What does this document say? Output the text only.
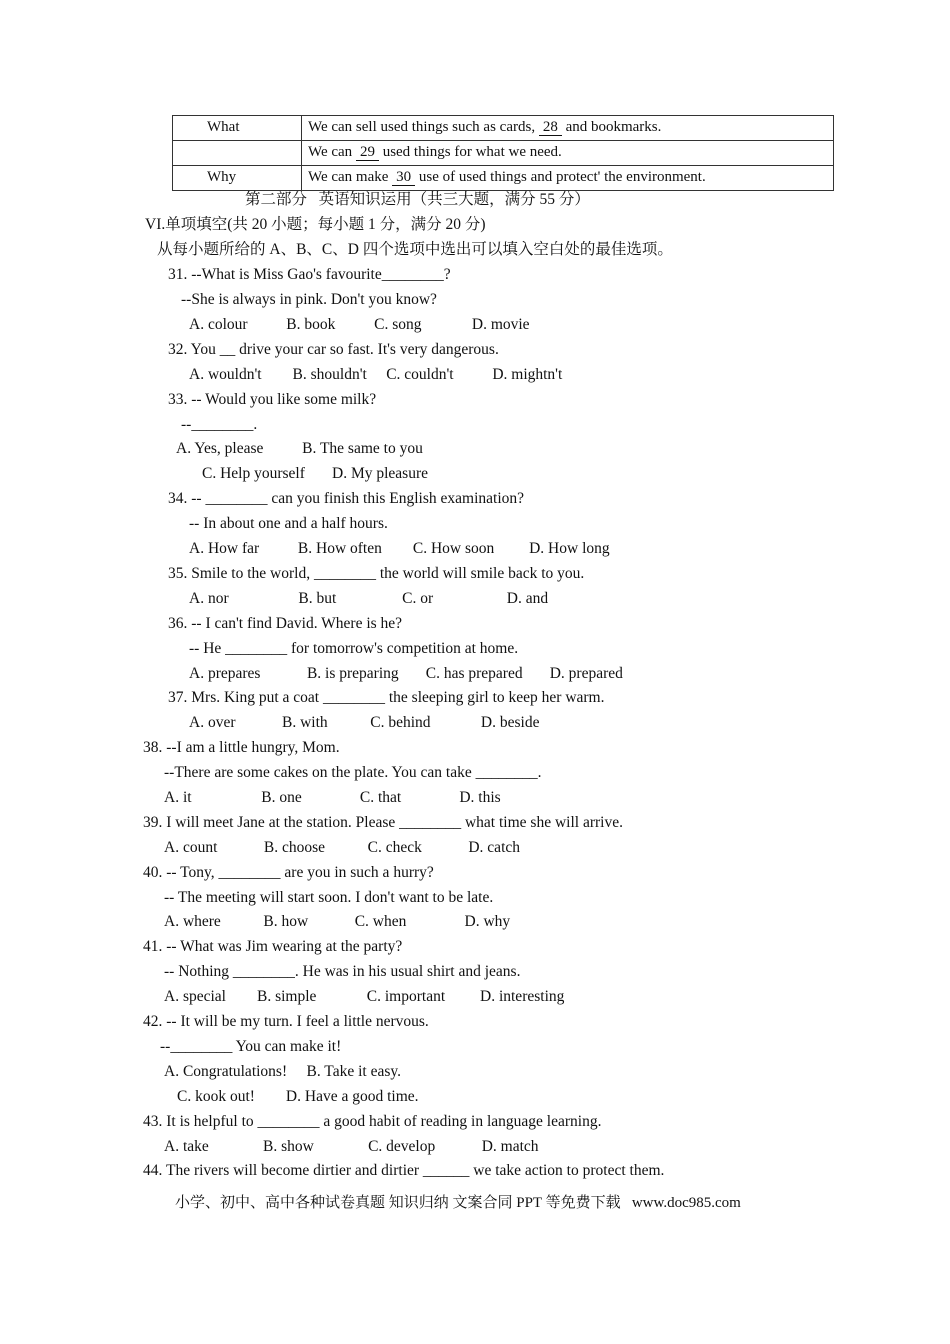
What	We can sell used things such as cards, 28 and bookmarks.
	We can 29 used things for what we need.
Why	We can make 30 use of used things and protect' the environment.
第二部分   英语知识运用（共三大题，满分 55 分）
VI.单项填空(共 20 小题；每小题 1 分，满分 20 分)
从每小题所给的 A、B、C、D 四个选项中选出可以填入空白处的最佳选项。
31. --What is Miss Gao's favourite________?
--She is always in pink. Don't you know?
A. colour          B. book          C. song             D. movie
32. You __ drive your car so fast. It's very dangerous.
A. wouldn't        B. shouldn't     C. couldn't          D. mightn't
33. -- Would you like some milk?
--________.
A. Yes, please          B. The same to you
C. Help yourself       D. My pleasure
34. -- ________ can you finish this English examination?
-- In about one and a half hours.
A. How far          B. How often        C. How soon         D. How long
35. Smile to the world, ________ the world will smile back to you.
A. nor                  B. but                 C. or                   D. and
36. -- I can't find David. Where is he?
-- He ________ for tomorrow's competition at home.
A. prepares            B. is preparing       C. has prepared       D. prepared
37. Mrs. King put a coat ________ the sleeping girl to keep her warm.
A. over            B. with           C. behind             D. beside
38. --I am a little hungry, Mom.
--There are some cakes on the plate. You can take ________.
A. it                  B. one               C. that               D. this
39. I will meet Jane at the station. Please ________ what time she will arrive.
A. count            B. choose           C. check            D. catch
40. -- Tony, ________ are you in such a hurry?
-- The meeting will start soon. I don't want to be late.
A. where           B. how            C. when               D. why
41. -- What was Jim wearing at the party?
-- Nothing ________. He was in his usual shirt and jeans.
A. special        B. simple             C. important         D. interesting
42. -- It will be my turn. I feel a little nervous.
--________ You can make it!
A. Congratulations!     B. Take it easy.
C. kook out!        D. Have a good time.
43. It is helpful to ________ a good habit of reading in language learning.
A. take              B. show              C. develop            D. match
44. The rivers will become dirtier and dirtier ______ we take action to protect them.
小学、初中、高中各种试卷真题 知识归纳 文案合同 PPT 等免费下载   www.doc985.com
